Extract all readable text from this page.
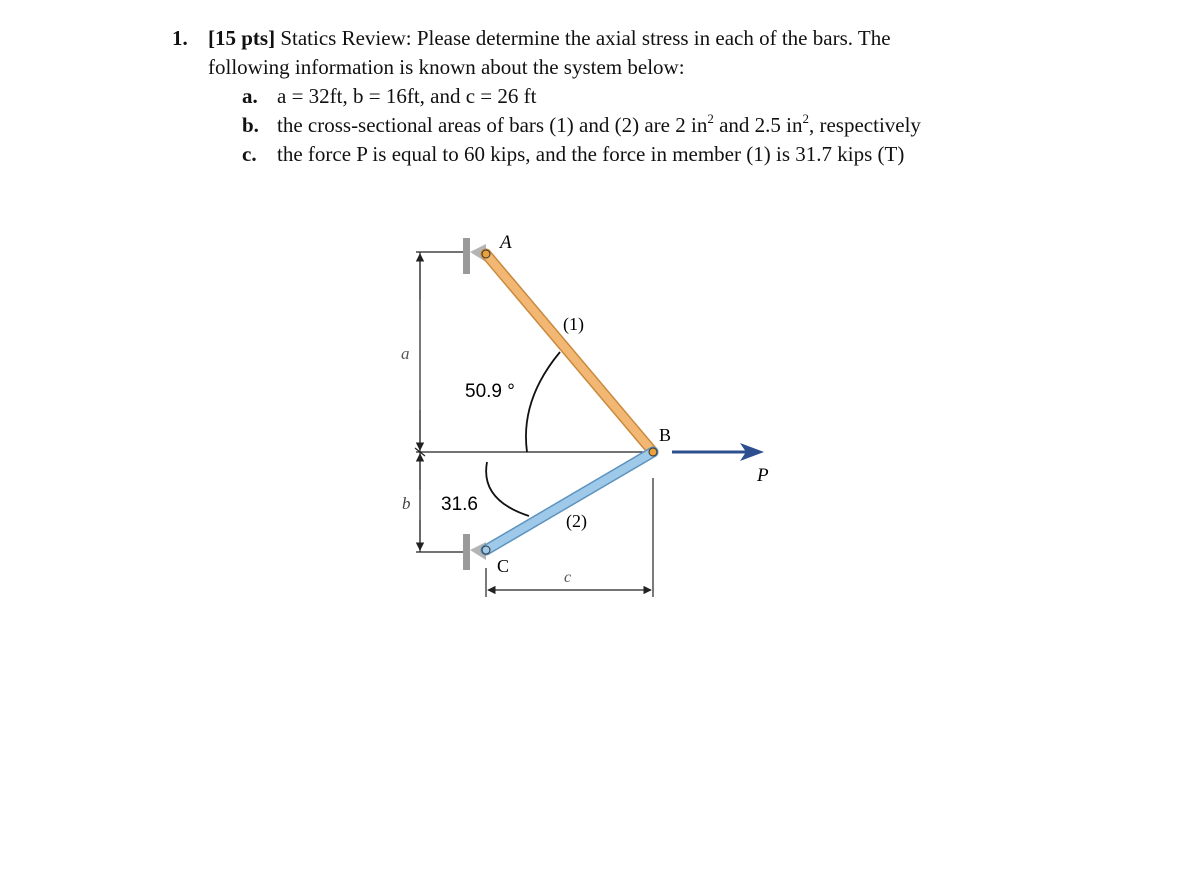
1. [15 pts] Statics Review: Please determine the axial stress in each of the bars. The
following information is known about the system below:
a. a = 32ft, b = 16ft, and c = 26 ft
b. the cross-sectional areas of bars (1) and (2) are 2 $in^2$ and 2.5 $in^2$, respectively
c. the force P is equal to 60 kips, and the force in member (1) is 31.7 kips (T)
A
B
C
P
a
b
c
(1)
(2)
50.9 °
31.6
